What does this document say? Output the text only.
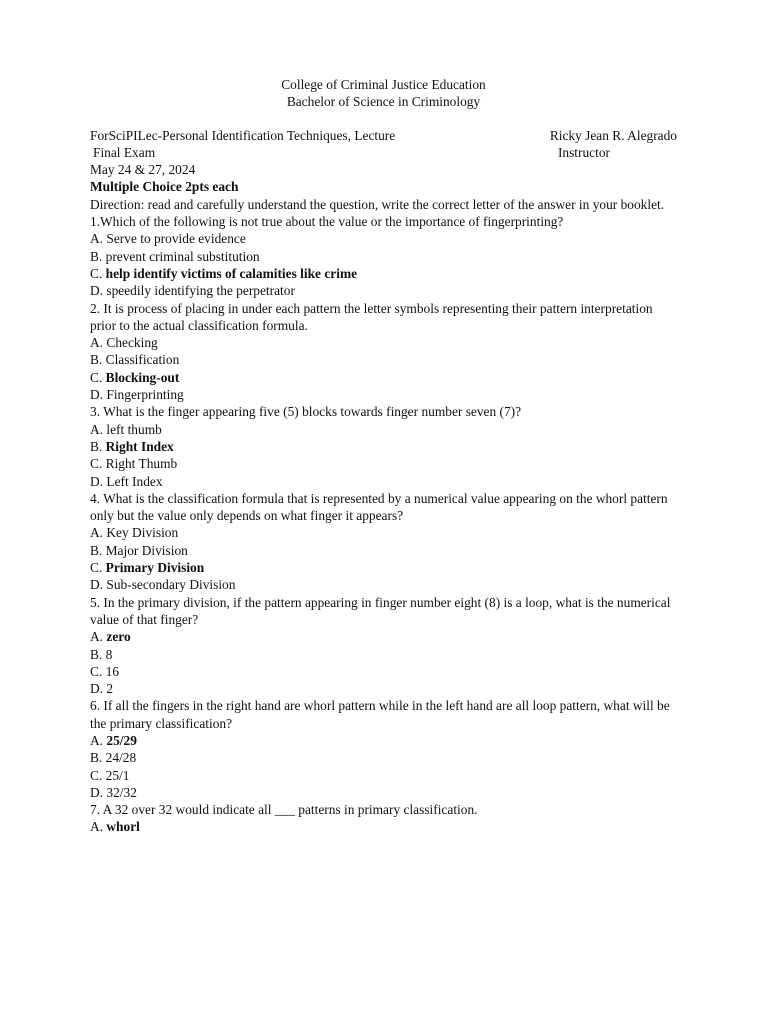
College of Criminal Justice Education
Bachelor of Science in Criminology
ForSciPILec-Personal Identification Techniques, Lecture	Ricky Jean R. Alegrado
Final Exam	Instructor
May 24 & 27, 2024
Multiple Choice 2pts each
Direction: read and carefully understand the question, write the correct letter of the answer in your booklet.
1.Which of the following is not true about the value or the importance of fingerprinting?
A. Serve to provide evidence
B. prevent criminal substitution
C. help identify victims of calamities like crime
D. speedily identifying the perpetrator
2. It is process of placing in under each pattern the letter symbols representing their pattern interpretation prior to the actual classification formula.
A. Checking
B. Classification
C. Blocking-out
D. Fingerprinting
3. What is the finger appearing five (5) blocks towards finger number seven (7)?
A. left thumb
B. Right Index
C. Right Thumb
D. Left Index
4. What is the classification formula that is represented by a numerical value appearing on the whorl pattern only but the value only depends on what finger it appears?
A. Key Division
B. Major Division
C. Primary Division
D. Sub-secondary Division
5. In the primary division, if the pattern appearing in finger number eight (8) is a loop, what is the numerical value of that finger?
A. zero
B. 8
C. 16
D. 2
6. If all the fingers in the right hand are whorl pattern while in the left hand are all loop pattern, what will be the primary classification?
A. 25/29
B. 24/28
C. 25/1
D. 32/32
7. A 32 over 32 would indicate all ___ patterns in primary classification.
A. whorl
